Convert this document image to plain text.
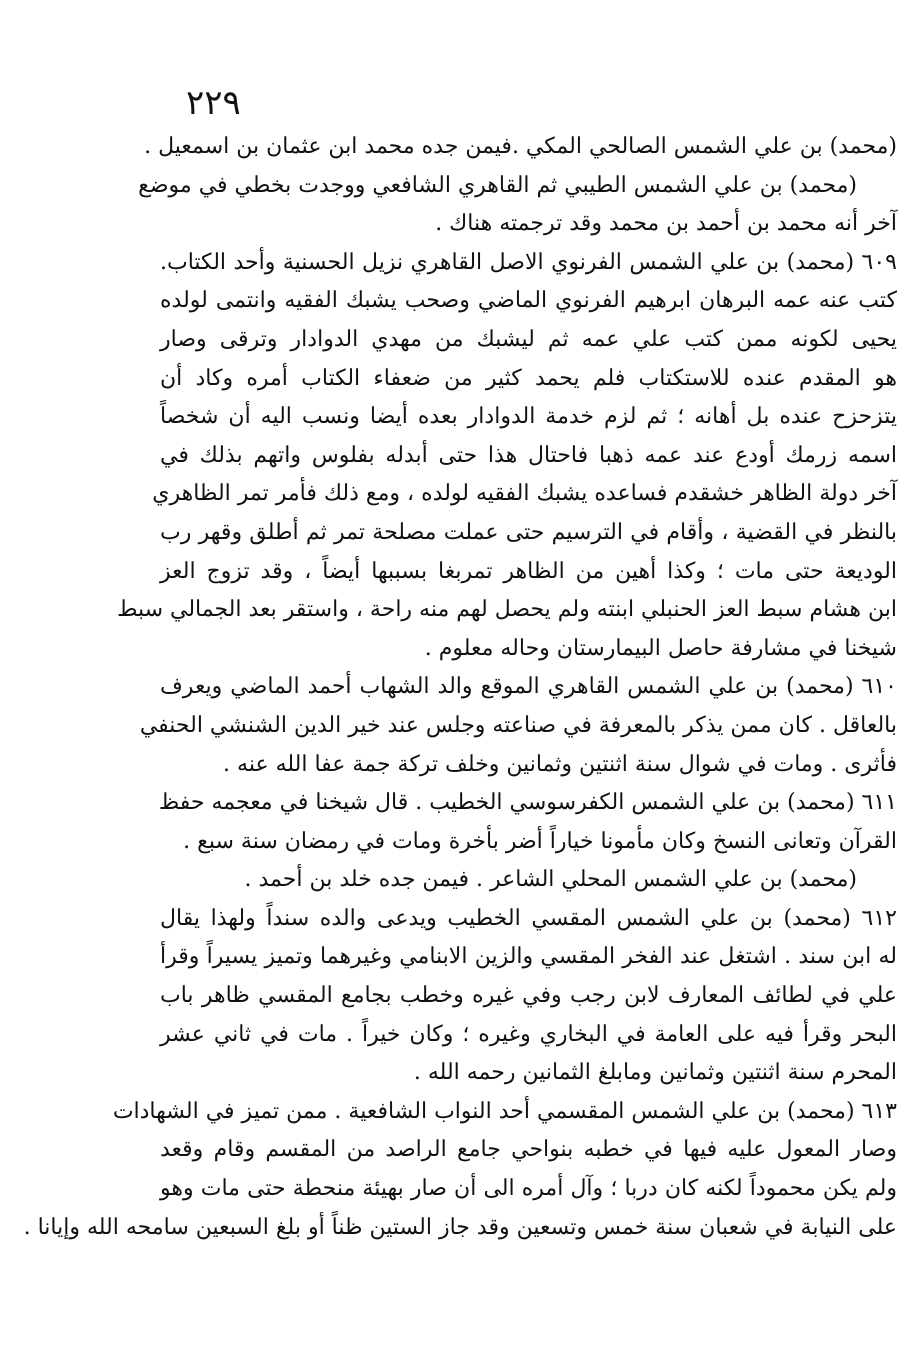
٢٢٩
(محمد) بن علي الشمس الصالحي المكي .فيمن جده محمد ابن عثمان بن اسمعيل .
(محمد) بن علي الشمس الطيبي ثم القاهري الشافعي ووجدت بخطي في موضع
آخر أنه محمد بن أحمد بن محمد وقد ترجمته هناك .
٦٠٩ (محمد) بن علي الشمس الفرنوي الاصل القاهري نزيل الحسنية وأحد الكتاب.
كتب عنه عمه البرهان ابرهيم الفرنوي الماضي وصحب يشبك الفقيه وانتمى لولده
يحيى لكونه ممن كتب علي عمه ثم ليشبك من مهدي الدوادار وترقى وصار
هو المقدم عنده للاستكتاب فلم يحمد كثير من ضعفاء الكتاب أمره وكاد أن
يتزحزح عنده بل أهانه ؛ ثم لزم خدمة الدوادار بعده أيضا ونسب اليه أن شخصاً
اسمه زرمك أودع عند عمه ذهبا فاحتال هذا حتى أبدله بفلوس واتهم بذلك في
آخر دولة الظاهر خشقدم فساعده يشبك الفقيه لولده ، ومع ذلك فأمر تمر الظاهري
بالنظر في القضية ، وأقام في الترسيم حتى عملت مصلحة تمر ثم أطلق وقهر رب
الوديعة حتى مات ؛ وكذا أهين من الظاهر تمربغا بسببها أيضاً ، وقد تزوج العز
ابن هشام سبط العز الحنبلي ابنته ولم يحصل لهم منه راحة ، واستقر بعد الجمالي سبط
شيخنا في مشارفة حاصل البيمارستان وحاله معلوم .
٦١٠ (محمد) بن علي الشمس القاهري الموقع والد الشهاب أحمد الماضي ويعرف
بالعاقل . كان ممن يذكر بالمعرفة في صناعته وجلس عند خير الدين الشنشي الحنفي
فأثرى . ومات في شوال سنة اثنتين وثمانين وخلف تركة جمة عفا الله عنه .
٦١١ (محمد) بن علي الشمس الكفرسوسي الخطيب . قال شيخنا في معجمه حفظ
القرآن وتعانى النسخ وكان مأمونا خياراً أضر بأخرة ومات في رمضان سنة سبع .
(محمد) بن علي الشمس المحلي الشاعر . فيمن جده خلد بن أحمد .
٦١٢ (محمد) بن علي الشمس المقسي الخطيب ويدعى والده سنداً ولهذا يقال
له ابن سند . اشتغل عند الفخر المقسي والزين الابنامي وغيرهما وتميز يسيراً وقرأ
علي في لطائف المعارف لابن رجب وفي غيره وخطب بجامع المقسي ظاهر باب
البحر وقرأ فيه على العامة في البخاري وغيره ؛ وكان خيراً . مات في ثاني عشر
المحرم سنة اثنتين وثمانين ومابلغ الثمانين رحمه الله .
٦١٣ (محمد) بن علي الشمس المقسمي أحد النواب الشافعية . ممن تميز في الشهادات
وصار المعول عليه فيها في خطبه بنواحي جامع الراصد من المقسم وقام وقعد
ولم يكن محموداً لكنه كان دربا ؛ وآل أمره الى أن صار بهيئة منحطة حتى مات وهو
على النيابة في شعبان سنة خمس وتسعين وقد جاز الستين ظناً أو بلغ السبعين سامحه الله وإيانا .
